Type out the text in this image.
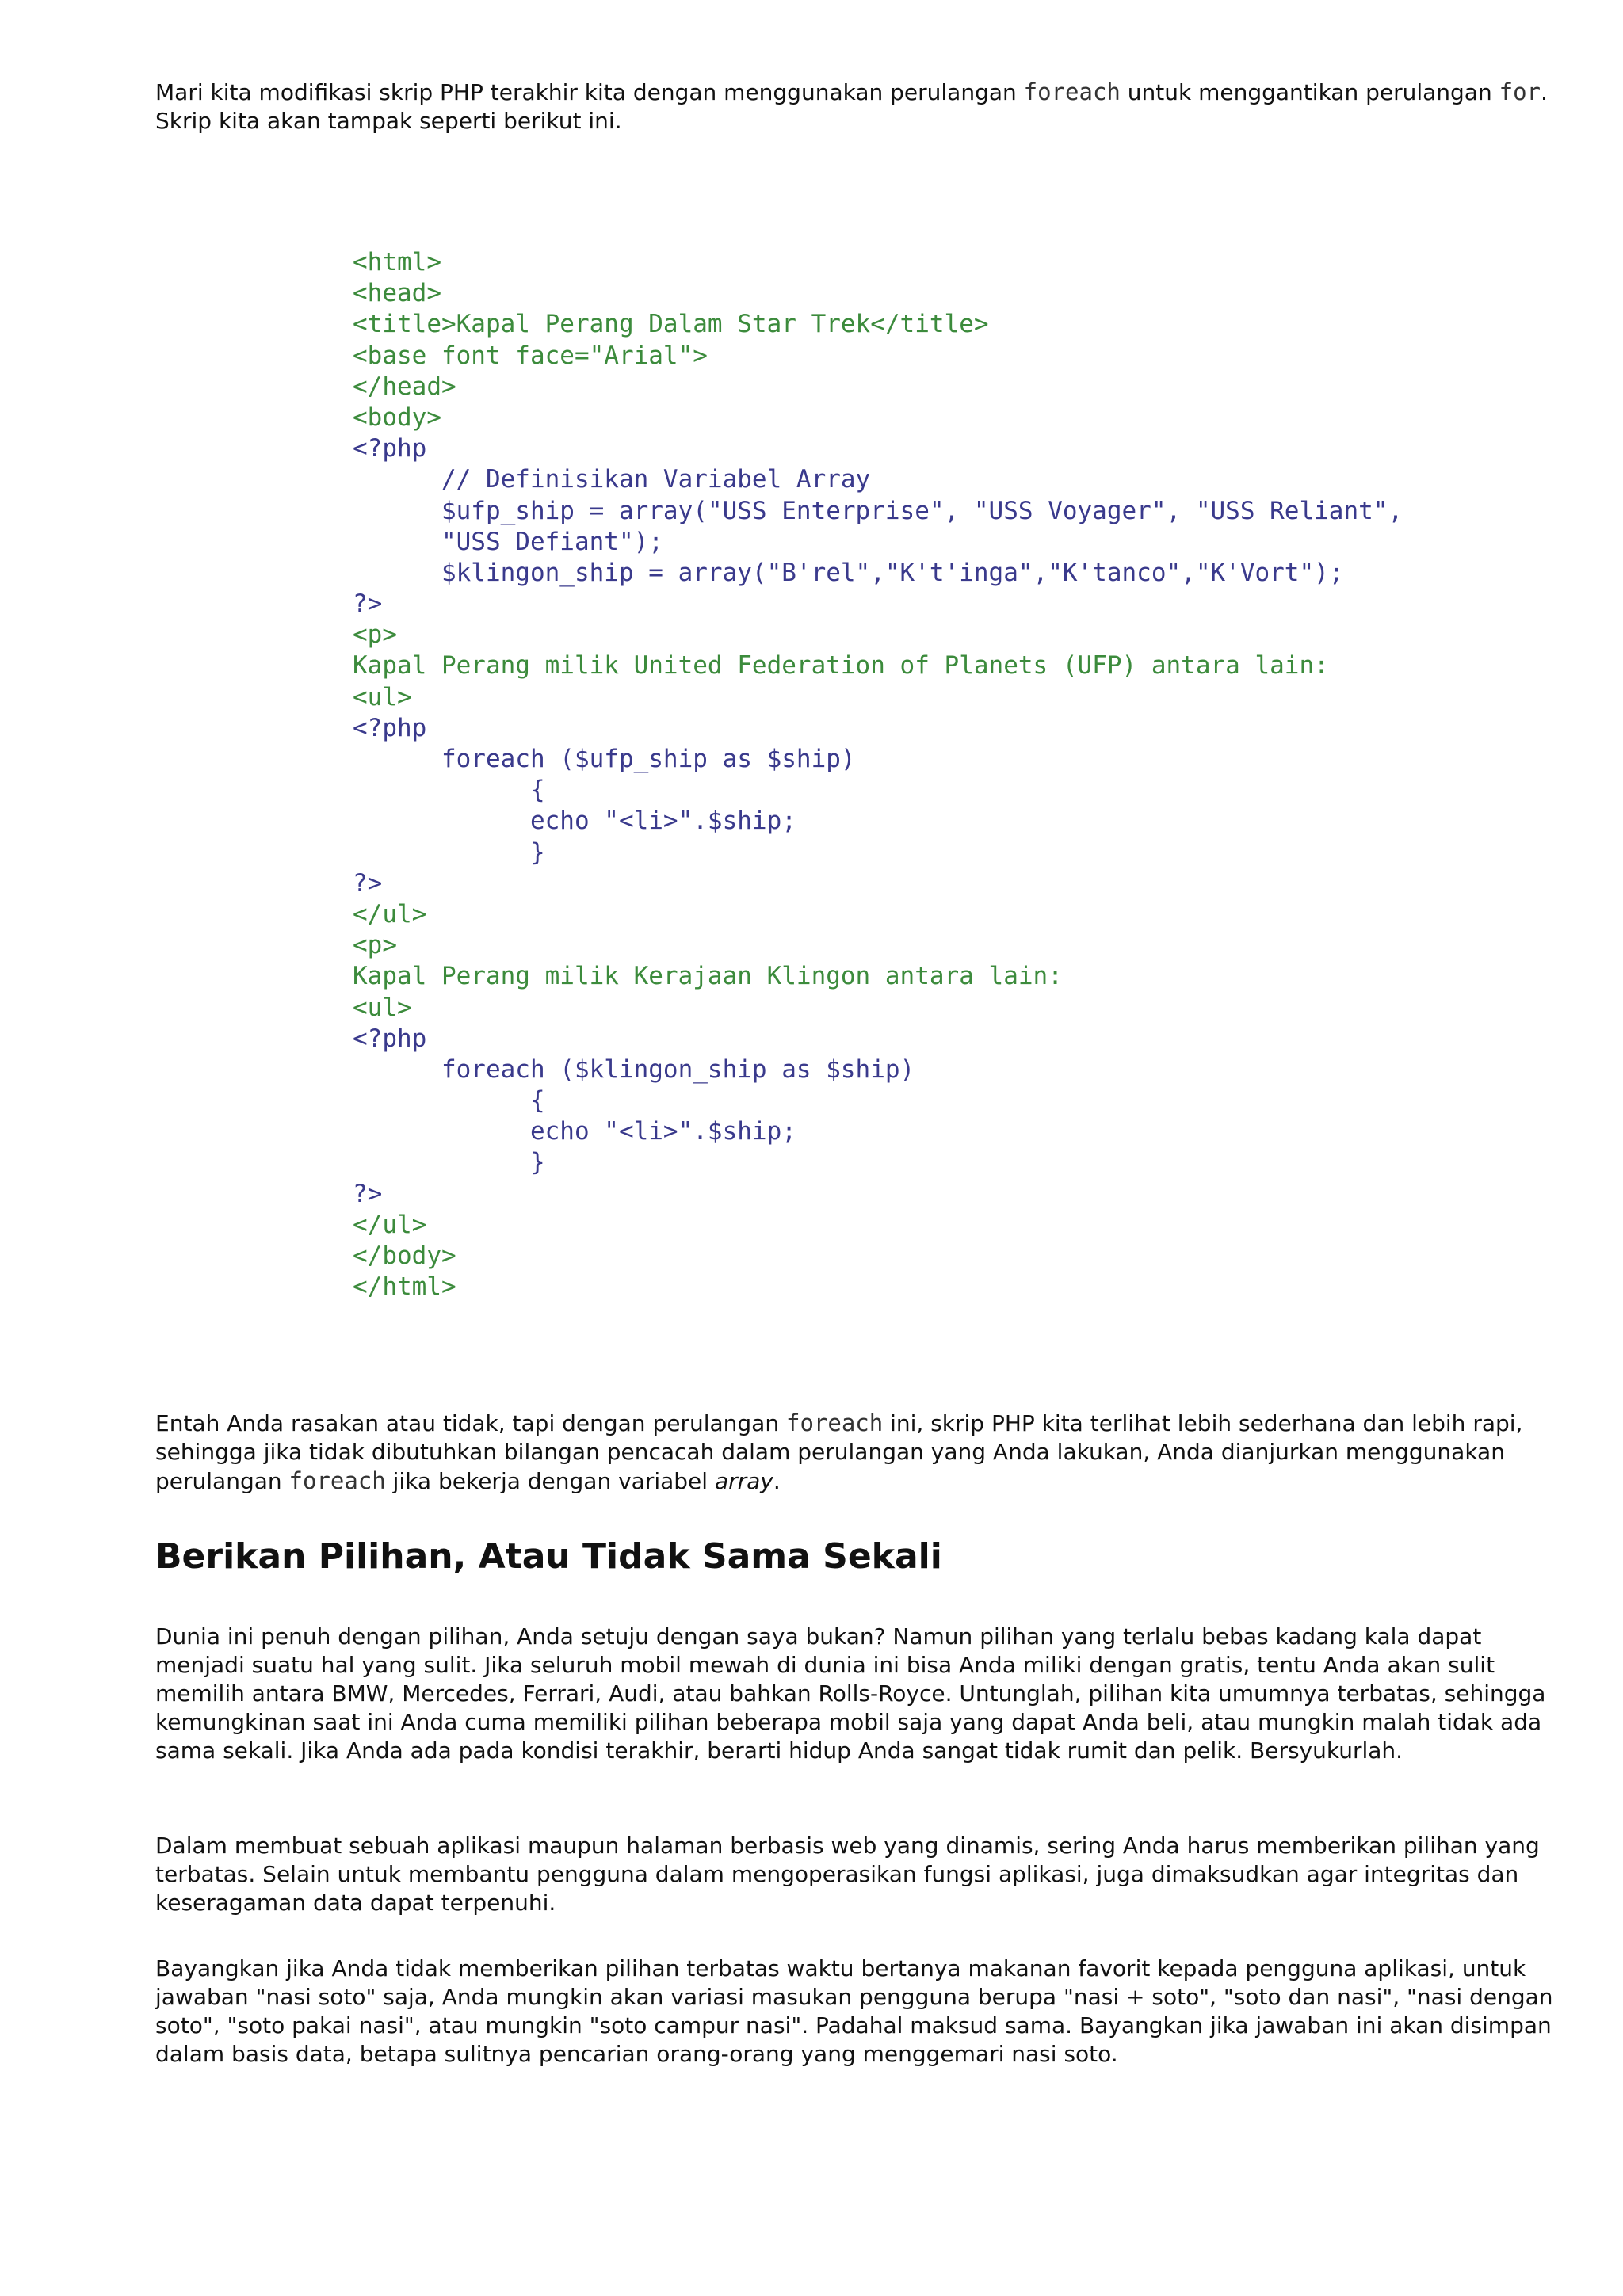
Mari kita modifikasi skrip PHP terakhir kita dengan menggunakan perulangan foreach untuk menggantikan perulangan for. Skrip kita akan tampak seperti berikut ini.

<html>
<head>
<title>Kapal Perang Dalam Star Trek</title>
<base font face="Arial">
</head>
<body>
<?php
// Definisikan Variabel Array
$ufp_ship = array("USS Enterprise", "USS Voyager", "USS Reliant",
"USS Defiant");
$klingon_ship = array("B'rel","K't'inga","K'tanco","K'Vort");
?>
<p>
Kapal Perang milik United Federation of Planets (UFP) antara lain:
<ul>
<?php
foreach ($ufp_ship as $ship)
{
echo "<li>".$ship;
}
?>
</ul>
<p>
Kapal Perang milik Kerajaan Klingon antara lain:
<ul>
<?php
foreach ($klingon_ship as $ship)
{
echo "<li>".$ship;
}
?>
</ul>
</body>
</html>

Entah Anda rasakan atau tidak, tapi dengan perulangan foreach ini, skrip PHP kita terlihat lebih sederhana dan lebih rapi, sehingga jika tidak dibutuhkan bilangan pencacah dalam perulangan yang Anda lakukan, Anda dianjurkan menggunakan perulangan foreach jika bekerja dengan variabel array.

Berikan Pilihan, Atau Tidak Sama Sekali

Dunia ini penuh dengan pilihan, Anda setuju dengan saya bukan? Namun pilihan yang terlalu bebas kadang kala dapat menjadi suatu hal yang sulit. Jika seluruh mobil mewah di dunia ini bisa Anda miliki dengan gratis, tentu Anda akan sulit memilih antara BMW, Mercedes, Ferrari, Audi, atau bahkan Rolls-Royce. Untunglah, pilihan kita umumnya terbatas, sehingga kemungkinan saat ini Anda cuma memiliki pilihan beberapa mobil saja yang dapat Anda beli, atau mungkin malah tidak ada sama sekali. Jika Anda ada pada kondisi terakhir, berarti hidup Anda sangat tidak rumit dan pelik. Bersyukurlah.

Dalam membuat sebuah aplikasi maupun halaman berbasis web yang dinamis, sering Anda harus memberikan pilihan yang terbatas. Selain untuk membantu pengguna dalam mengoperasikan fungsi aplikasi, juga dimaksudkan agar integritas dan keseragaman data dapat terpenuhi.

Bayangkan jika Anda tidak memberikan pilihan terbatas waktu bertanya makanan favorit kepada pengguna aplikasi, untuk jawaban "nasi soto" saja, Anda mungkin akan variasi masukan pengguna berupa "nasi + soto", "soto dan nasi", "nasi dengan soto", "soto pakai nasi", atau mungkin "soto campur nasi". Padahal maksud sama. Bayangkan jika jawaban ini akan disimpan dalam basis data, betapa sulitnya pencarian orang-orang yang menggemari nasi soto.
